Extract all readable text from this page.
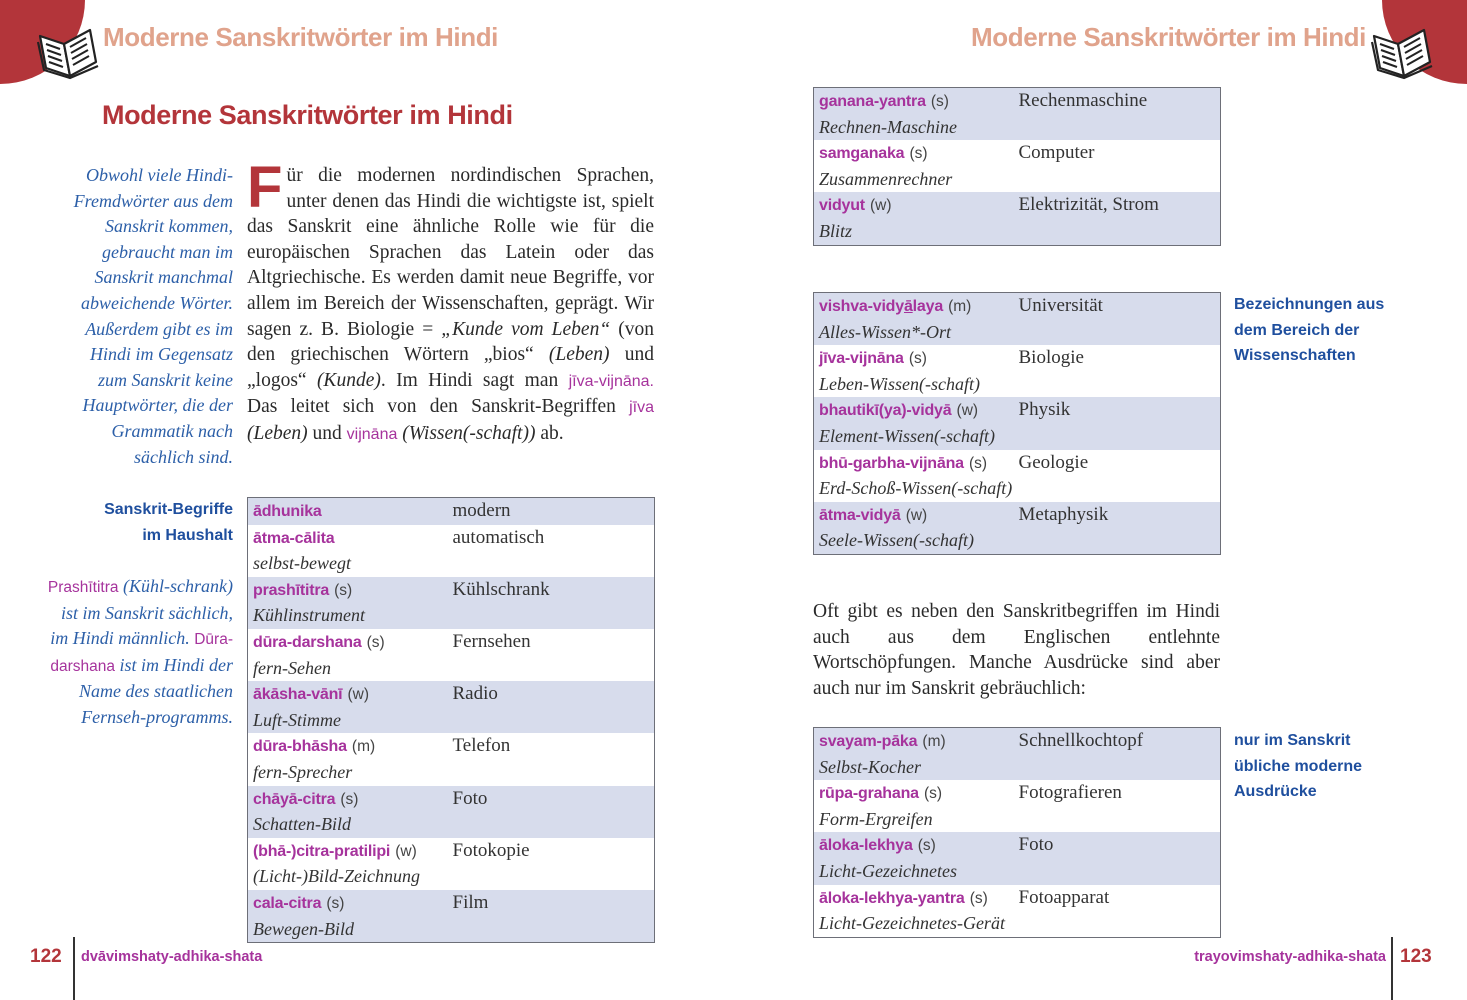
Moderne Sanskritwörter im Hindi
Moderne Sanskritwörter im Hindi
Obwohl viele Hindi-
Fremdwörter aus dem
Sanskrit kommen,
gebraucht man im
Sanskrit manchmal
abweichende Wörter.
Außerdem gibt es im
Hindi im Gegensatz
zum Sanskrit keine
Hauptwörter, die der
Grammatik nach
sächlich sind.
Für die modernen nordindischen Sprachen, unter denen das Hindi die wichtigste ist, spielt das Sanskrit eine ähnliche Rolle wie für die europäischen Sprachen das Latein oder das Altgriechische. Es werden damit neue Begriffe, vor allem im Bereich der Wissenschaften, geprägt. Wir sagen z. B. Biologie = „Kunde vom Leben“ (von den griechischen Wörtern „bios“ (Leben) und „logos“ (Kunde). Im Hindi sagt man jīva-vijnāna. Das leitet sich von den Sanskrit-Begriffen jīva (Leben) und vijnāna (Wissen(-schaft)) ab.
Sanskrit-Begriffe
im Haushalt
Prashītitra (Kühl-schrank) ist im Sanskrit sächlich, im Hindi männlich. Dūra-darshana ist im Hindi der Name des staatlichen Fernseh-programms.
ādhunika	modern
ātma-cālita	automatisch
selbst-bewegt	
prashītitra (s)	Kühlschrank
Kühlinstrument	
dūra-darshana (s)	Fernsehen
fern-Sehen	
ākāsha-vānī (w)	Radio
Luft-Stimme	
dūra-bhāsha (m)	Telefon
fern-Sprecher	
chāyā-citra (s)	Foto
Schatten-Bild	
(bhā-)citra-pratilipi (w)	Fotokopie
(Licht-)Bild-Zeichnung	
cala-citra (s)	Film
Bewegen-Bild	
122 dvāvimshaty-adhika-shata
Moderne Sanskritwörter im Hindi
ganana-yantra (s)	Rechenmaschine
Rechnen-Maschine	
samganaka (s)	Computer
Zusammenrechner	
vidyut (w)	Elektrizität, Strom
Blitz	
vishva-vidyālaya (m)	Universität
Alles-Wissen*-Ort	
jīva-vijnāna (s)	Biologie
Leben-Wissen(-schaft)	
bhautikī(ya)-vidyā (w)	Physik
Element-Wissen(-schaft)	
bhū-garbha-vijnāna (s)	Geologie
Erd-Schoß-Wissen(-schaft)	
ātma-vidyā (w)	Metaphysik
Seele-Wissen(-schaft)	
Bezeichnungen aus
dem Bereich der
Wissenschaften
Oft gibt es neben den Sanskritbegriffen im Hindi auch aus dem Englischen entlehnte Wortschöpfungen. Manche Ausdrücke sind aber auch nur im Sanskrit gebräuchlich:
svayam-pāka (m)	Schnellkochtopf
Selbst-Kocher	
rūpa-grahana (s)	Fotografieren
Form-Ergreifen	
āloka-lekhya (s)	Foto
Licht-Gezeichnetes	
āloka-lekhya-yantra (s)	Fotoapparat
Licht-Gezeichnetes-Gerät	
nur im Sanskrit
übliche moderne
Ausdrücke
trayovimshaty-adhika-shata 123
